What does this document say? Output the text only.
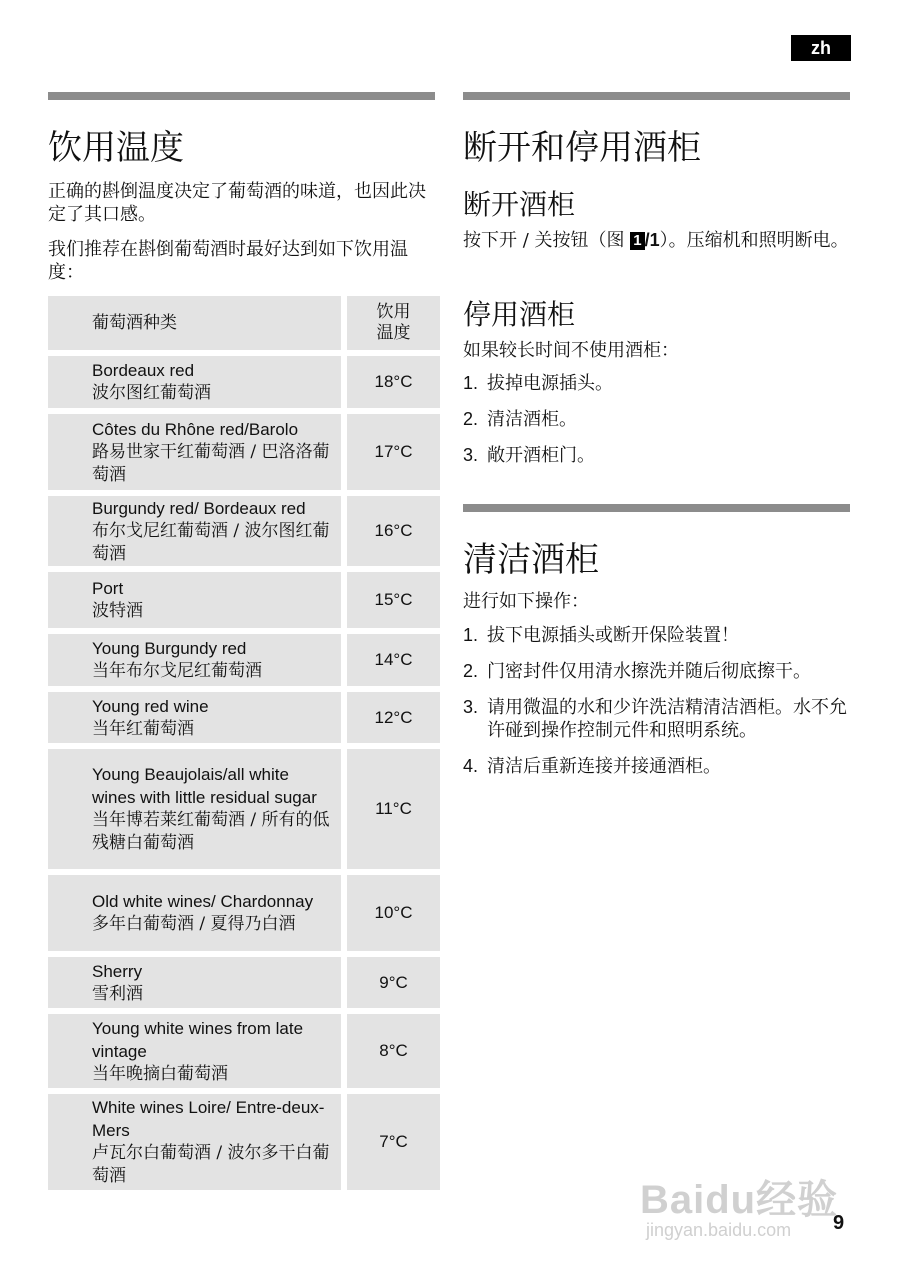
zh
饮用温度

正确的斟倒温度决定了葡萄酒的味道，也因此决定了其口感。

我们推荐在斟倒葡萄酒时最好达到如下饮用温度：

葡萄酒种类
饮用
温度
Bordeaux red
波尔图红葡萄酒
18°C
Côtes du Rhône red/Barolo
路易世家干红葡萄酒 / 巴洛洛葡萄酒
17°C
Burgundy red/ Bordeaux red
布尔戈尼红葡萄酒 / 波尔图红葡萄酒
16°C
Port
波特酒
15°C
Young Burgundy red
当年布尔戈尼红葡萄酒
14°C
Young red wine
当年红葡萄酒
12°C
Young Beaujolais/all white wines with little residual sugar
当年博若莱红葡萄酒 / 所有的低残糖白葡萄酒
11°C
Old white wines/ Chardonnay
多年白葡萄酒 / 夏得乃白酒
10°C
Sherry
雪利酒
9°C
Young white wines from late vintage
当年晚摘白葡萄酒
8°C
White wines Loire/ Entre-deux-Mers
卢瓦尔白葡萄酒 / 波尔多干白葡萄酒
7°C
断开和停用酒柜
断开酒柜

按下开 / 关按钮（图 1 /1）。压缩机和照明断电。

停用酒柜

如果较长时间不使用酒柜：

1. 拔掉电源插头。
2. 清洁酒柜。
3. 敞开酒柜门。
清洁酒柜

进行如下操作：

1. 拔下电源插头或断开保险装置！
2. 门密封件仅用清水擦洗并随后彻底擦干。
3. 请用微温的水和少许洗洁精清洁酒柜。水不允许碰到操作控制元件和照明系统。
4. 清洁后重新连接并接通酒柜。
Baidu经验
jingyan.baidu.com 9
